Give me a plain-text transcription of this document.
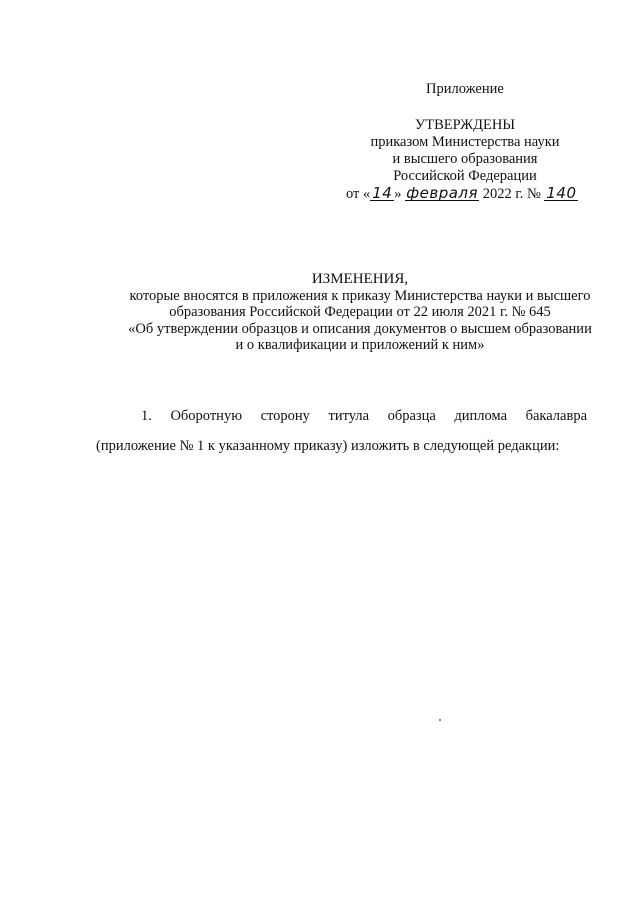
Приложение
УТВЕРЖДЕНЫ
приказом Министерства науки
и высшего образования
Российской Федерации
от « 14 » февраля 2022 г. № 140
ИЗМЕНЕНИЯ,
которые вносятся в приложения к приказу Министерства науки и высшего
образования Российской Федерации от 22 июля 2021 г. № 645
«Об утверждении образцов и описания документов о высшем образовании
и о квалификации и приложений к ним»
1. Оборотную сторону титула образца диплома бакалавра
(приложение № 1 к указанному приказу) изложить в следующей редакции:
